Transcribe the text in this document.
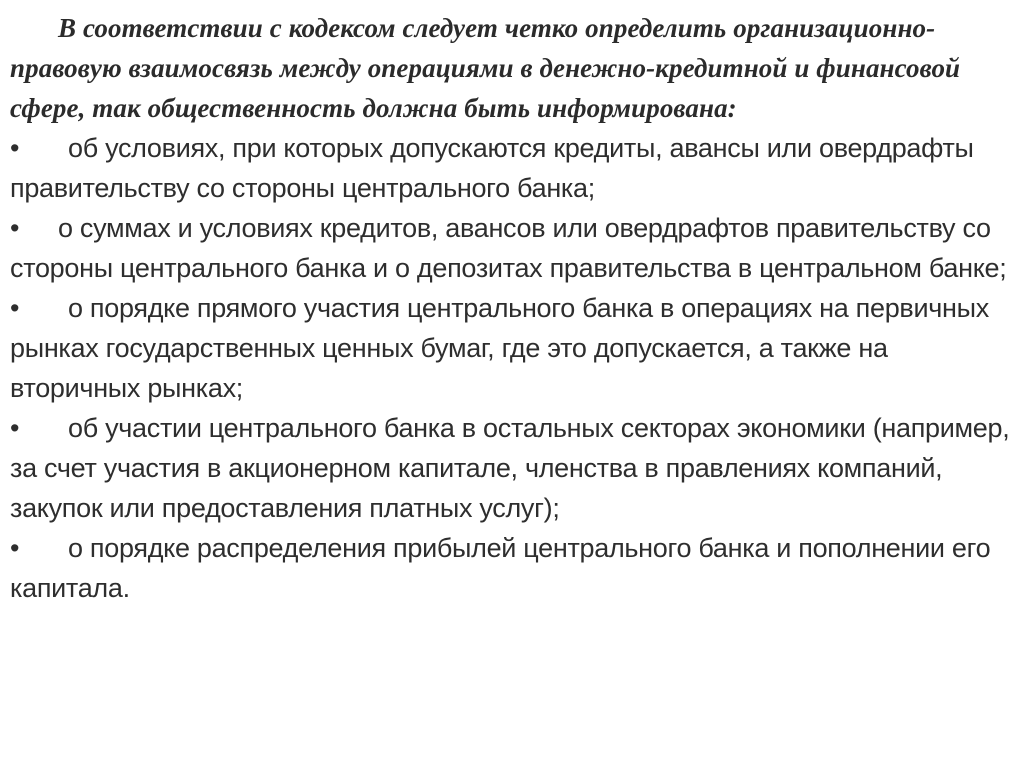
В соответствии с кодексом следует четко определить организационно-правовую взаимосвязь между операциями в денежно-кредитной и финансовой сфере, так общественность должна быть информирована:

• об условиях, при которых допускаются кредиты, авансы или овердрафты правительству со стороны центрального банка;
• о суммах и условиях кредитов, авансов или овердрафтов правительству со стороны центрального банка и о депозитах правительства в центральном банке;
• о порядке прямого участия центрального банка в операциях на первичных рынках государственных ценных бумаг, где это допускается, а также на вторичных рынках;
• об участии центрального банка в остальных секторах экономики (например, за счет участия в акционерном капитале, членства в правлениях компаний, закупок или предоставления платных услуг);
• о порядке распределения прибылей центрального банка и пополнении его капитала.
